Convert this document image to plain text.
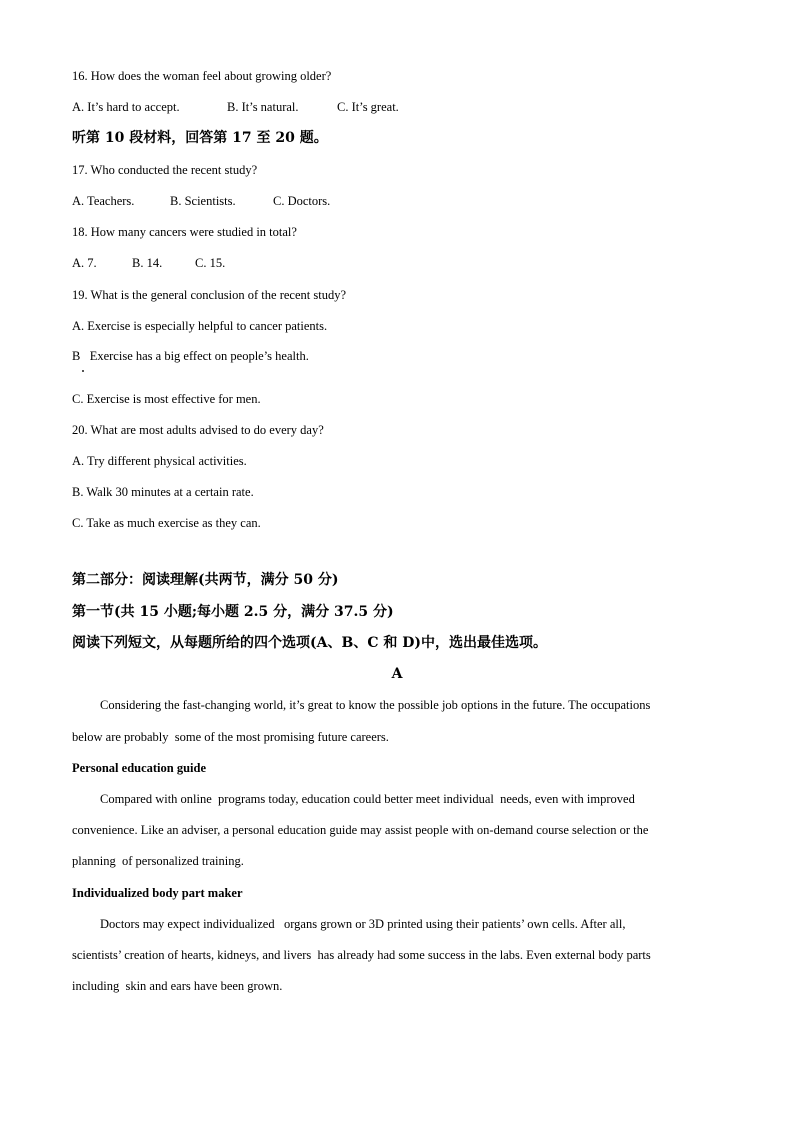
16. How does the woman feel about growing older?
A. It’s hard to accept.	B. It’s natural.	C. It’s great.
听第 10 段材料，回答第 17 至 20 题。
17. Who conducted the recent study?
A. Teachers.	B. Scientists.	C. Doctors.
18. How many cancers were studied in total?
A. 7.	B. 14.	C. 15.
19. What is the general conclusion of the recent study?
A. Exercise is especially helpful to cancer patients.
B   Exercise has a big effect on people’s health.
C. Exercise is most effective for men.
20. What are most adults advised to do every day?
A. Try different physical activities.
B. Walk 30 minutes at a certain rate.
C. Take as much exercise as they can.
第二部分：阅读理解(共两节，满分 50 分)
第一节(共 15 小题;每小题 2.5 分，满分 37.5 分)
阅读下列短文，从每题所给的四个选项(A、B、C 和 D)中，选出最佳选项。
A
Considering the fast-changing world, it’s great to know the possible job options in the future. The occupations
below are probably  some of the most promising future careers.
Personal education guide
Compared with online  programs today, education could better meet individual  needs, even with improved
convenience. Like an adviser, a personal education guide may assist people with on-demand course selection or the
planning  of personalized training.
Individualized body part maker
Doctors may expect individualized   organs grown or 3D printed using their patients’ own cells. After all,
scientists’ creation of hearts, kidneys, and livers  has already had some success in the labs. Even external body parts
including  skin and ears have been grown.
